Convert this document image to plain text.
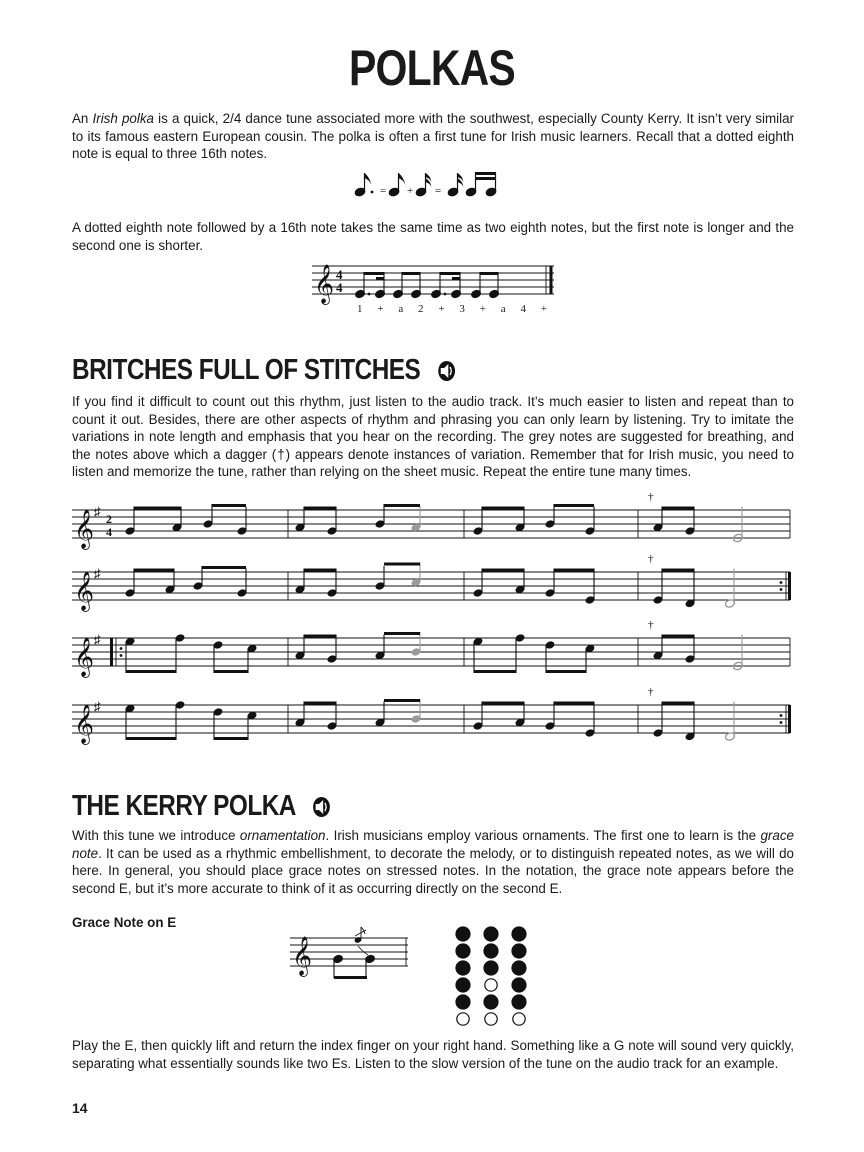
POLKAS
An Irish polka is a quick, 2/4 dance tune associated more with the southwest, especially County Kerry. It isn’t very similar to its famous eastern European cousin. The polka is often a first tune for Irish music learners. Recall that a dotted eighth note is equal to three 16th notes.
= + =
A dotted eighth note followed by a 16th note takes the same time as two eighth notes, but the first note is longer and the second one is shorter.
𝄞 4
4
1 + a 2 + 3 + a 4 +
BRITCHES FULL OF STITCHES
If you find it difficult to count out this rhythm, just listen to the audio track. It’s much easier to listen and repeat than to count it out. Besides, there are other aspects of rhythm and phrasing you can only learn by listening. Try to imitate the variations in note length and emphasis that you hear on the recording. The grey notes are suggested for breathing, and the notes above which a dagger (†) appears denote instances of variation. Remember that for Irish music, you need to listen and memorize the tune, rather than relying on the sheet music. Repeat the entire tune many times.
𝄞 ♯ 2
4
†
𝄞 ♯
†
𝄞 ♯
†
𝄞 ♯
†
THE KERRY POLKA
With this tune we introduce ornamentation. Irish musicians employ various ornaments. The first one to learn is the grace note. It can be used as a rhythmic embellishment, to decorate the melody, or to distinguish repeated notes, as we will do here. In general, you should place grace notes on stressed notes. In the notation, the grace note appears before the second E, but it’s more accurate to think of it as occurring directly on the second E.
Grace Note on E
𝄞
Play the E, then quickly lift and return the index finger on your right hand. Something like a G note will sound very quickly, separating what essentially sounds like two Es. Listen to the slow version of the tune on the audio track for an example.
14
